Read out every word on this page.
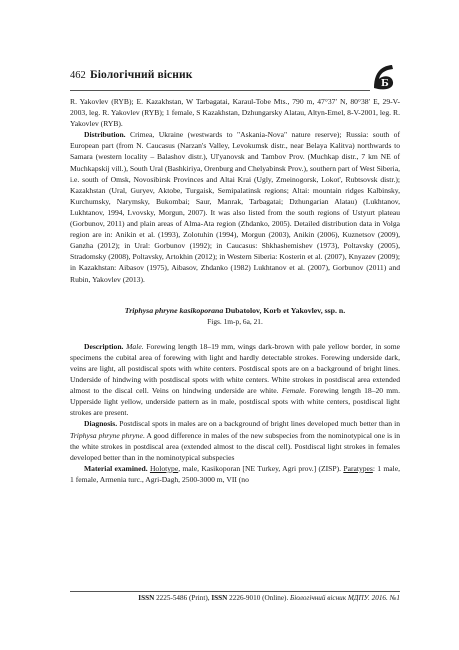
462 Біологічний вісник
Б

R. Yakovlev (RYB); E. Kazakhstan, W Tarbagatai, Karaul-Tobe Mts., 790 m, 47°37′ N, 80°38′ E, 29-V-2003, leg. R. Yakovlev (RYB); 1 female, S Kazakhstan, Dzhungarsky Alatau, Altyn-Emel, 8-V-2001, leg. R. Yakovlev (RYB).

Distribution. Crimea, Ukraine (westwards to "Askania-Nova" nature reserve); Russia: south of European part (from N. Caucasus (Narzan's Valley, Levokumsk distr., near Belaya Kalitva) northwards to Samara (western locality – Balashov distr.), Ul'yanovsk and Tambov Prov. (Muchkap distr., 7 km NE of Muchkapskij vill.), South Ural (Bashkiriya, Orenburg and Chelyabinsk Prov.), southern part of West Siberia, i.e. south of Omsk, Novosibirsk Provinces and Altai Krai (Ugly, Zmeinogorsk, Lokot', Rubtsovsk distr.); Kazakhstan (Ural, Guryev, Aktobe, Turgaisk, Semipalatinsk regions; Altai: mountain ridges Kalbinsky, Kurchumsky, Narymsky, Bukombai; Saur, Manrak, Tarbagatai; Dzhungarian Alatau) (Lukhtanov, Lukhtanov, 1994, Lvovsky, Morgun, 2007). It was also listed from the south regions of Ustyurt plateau (Gorbunov, 2011) and plain areas of Alma-Ata region (Zhdanko, 2005). Detailed distribution data in Volga region are in: Anikin et al. (1993), Zolotuhin (1994), Morgun (2003), Anikin (2006), Kuznetsov (2009), Ganzha (2012); in Ural: Gorbunov (1992); in Caucasus: Shkhashemishev (1973), Poltavsky (2005), Stradomsky (2008), Poltavsky, Artokhin (2012); in Western Siberia: Kosterin et al. (2007), Knyazev (2009); in Kazakhstan: Aibasov (1975), Aibasov, Zhdanko (1982) Lukhtanov et al. (2007), Gorbunov (2011) and Rubin, Yakovlev (2013).

Triphysa phryne kasikoporana Dubatolov, Korb et Yakovlev, ssp. n.
Figs. 1m-p, 6a, 21.

Description. Male. Forewing length 18–19 mm, wings dark-brown with pale yellow border, in some specimens the cubital area of forewing with light and hardly detectable strokes. Forewing underside dark, veins are light, all postdiscal spots with white centers. Postdiscal spots are on a background of bright lines. Underside of hindwing with postdiscal spots with white centers. White strokes in postdiscal area extended almost to the discal cell. Veins on hindwing underside are white. Female. Forewing length 18–20 mm. Upperside light yellow, underside pattern as in male, postdiscal spots with white centers, postdiscal light strokes are present.

Diagnosis. Postdiscal spots in males are on a background of bright lines developed much better than in Triphysa phryne phryne. A good difference in males of the new subspecies from the nominotypical one is in the white strokes in postdiscal area (extended almost to the discal cell). Postdiscal light strokes in females developed better than in the nominotypical subspecies

Material examined. Holotype, male, Kasikoporan [NE Turkey, Agri prov.] (ZISP). Paratypes: 1 male, 1 female, Armenia turc., Agri-Dagh, 2500-3000 m, VII (no

ISSN 2225-5486 (Print), ISSN 2226-9010 (Online). Біологічний вісник МДПУ. 2016. №1
